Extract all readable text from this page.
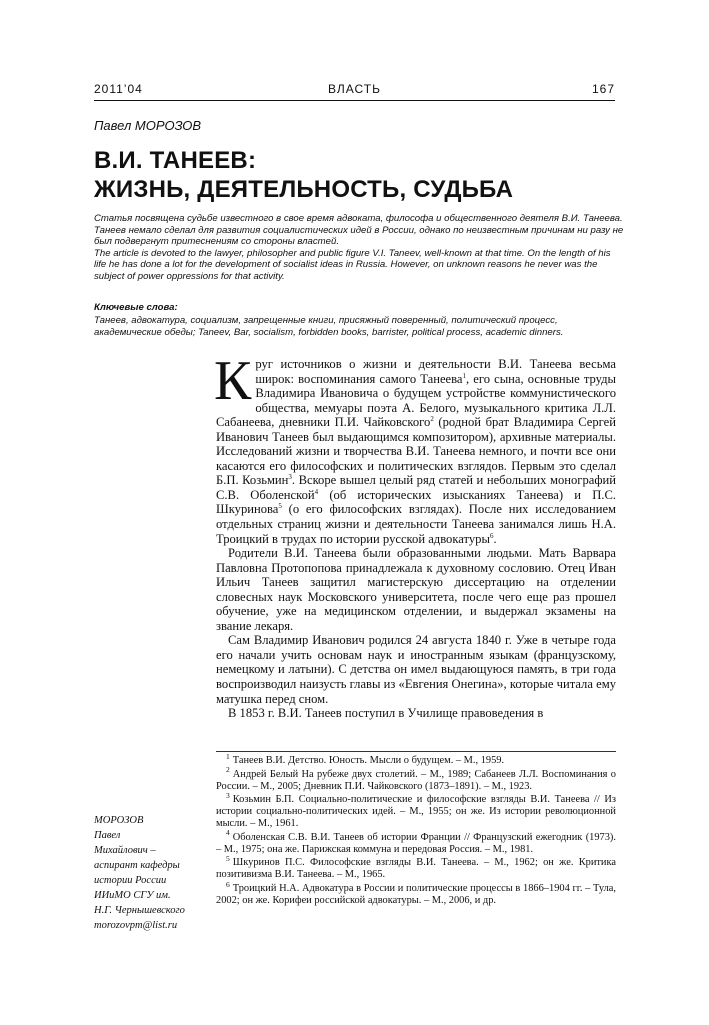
2011’04	ВЛАСТЬ	167
Павел МОРОЗОВ
В.И. ТАНЕЕВ:
ЖИЗНЬ, ДЕЯТЕЛЬНОСТЬ, СУДЬБА

Статья посвящена судьбе известного в свое время адвоката, философа и общественного деятеля В.И. Танеева. Танеев немало сделал для развития социалистических идей в России, однако по неизвестным причинам ни разу не был подвергнут притеснениям со стороны властей.

The article is devoted to the lawyer, philosopher and public figure V.I. Taneev, well-known at that time. On the length of his life he has done a lot for the development of socialist ideas in Russia. However, on unknown reasons he never was the subject of power oppressions for that activity.

Ключевые слова:

Танеев, адвокатура, социализм, запрещенные книги, присяжный поверенный, политический процесс, академические обеды; Taneev, Bar, socialism, forbidden books, barrister, political process, academic dinners.

Круг источников о жизни и деятельности В.И. Танеева весьма широк: воспоминания самого Танеева$^1$, его сына, основные труды Владимира Ивановича о будущем устройстве коммунистического общества, мемуары поэта А. Белого, музыкального критика Л.Л. Сабанеева, дневники П.И. Чайковского$^2$ (родной брат Владимира Сергей Иванович Танеев был выдающимся композитором), архивные материалы. Исследований жизни и творчества В.И. Танеева немного, и почти все они касаются его философских и политических взглядов. Первым это сделал Б.П. Козьмин$^3$. Вскоре вышел целый ряд статей и небольших монографий С.В. Оболенской$^4$ (об исторических изысканиях Танеева) и П.С. Шкуринова$^5$ (о его философских взглядах). После них исследованием отдельных страниц жизни и деятельности Танеева занимался лишь Н.А. Троицкий в трудах по истории русской адвокатуры$^6$.

Родители В.И. Танеева были образованными людьми. Мать Варвара Павловна Протопопова принадлежала к духовному сословию. Отец Иван Ильич Танеев защитил магистерскую диссертацию на отделении словесных наук Московского университета, после чего еще раз прошел обучение, уже на медицинском отделении, и выдержал экзамены на звание лекаря.

Сам Владимир Иванович родился 24 августа 1840 г. Уже в четыре года его начали учить основам наук и иностранным языкам (французскому, немецкому и латыни). С детства он имел выдающуюся память, в три года воспроизводил наизусть главы из «Евгения Онегина», которые читала ему матушка перед сном.

В 1853 г. В.И. Танеев поступил в Училище правоведения в

$^1$ Танеев В.И. Детство. Юность. Мысли о будущем. – М., 1959.

$^2$ Андрей Белый На рубеже двух столетий. – М., 1989; Сабанеев Л.Л. Воспоминания о России. – М., 2005; Дневник П.И. Чайковского (1873–1891). – М., 1923.

$^3$ Козьмин Б.П. Социально-политические и философские взгляды В.И. Танеева // Из истории социально-политических идей. – М., 1955; он же. Из истории революционной мысли. – М., 1961.

$^4$ Оболенская С.В. В.И. Танеев об истории Франции // Французский ежегодник (1973). – М., 1975; она же. Парижская коммуна и передовая Россия. – М., 1981.

$^5$ Шкуринов П.С. Философские взгляды В.И. Танеева. – М., 1962; он же. Критика позитивизма В.И. Танеева. – М., 1965.

$^6$ Троицкий Н.А. Адвокатура в России и политические процессы в 1866–1904 гг. – Тула, 2002; он же. Корифеи российской адвокатуры. – М., 2006, и др.

МОРОЗОВ
Павел
Михайлович –
аспирант кафедры
истории России
ИИиМО СГУ им.
Н.Г. Чернышевского
morozovpm@list.ru
